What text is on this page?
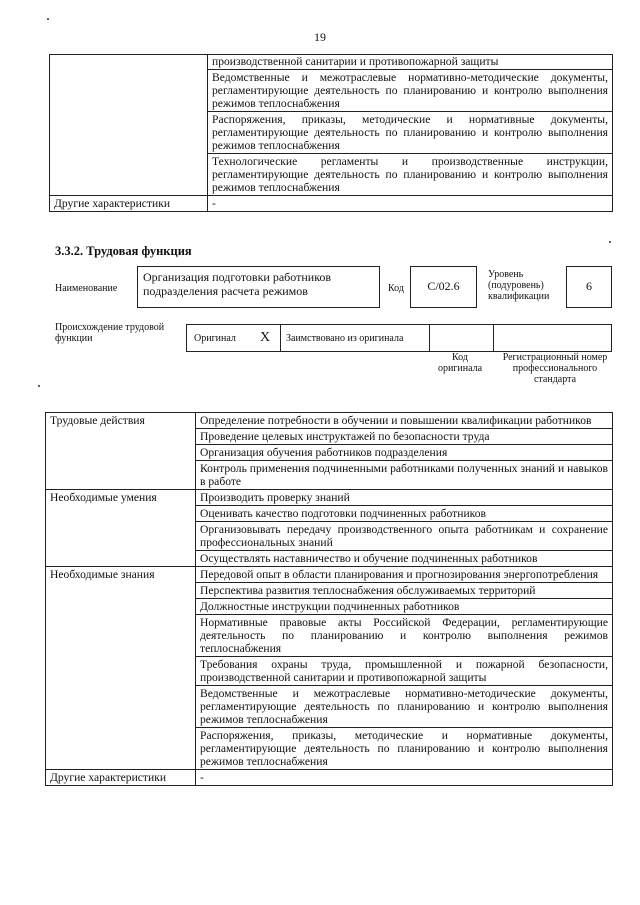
19
	производственной санитарии и противопожарной защиты
	Ведомственные и межотраслевые нормативно-методические документы, регламентирующие деятельность по планированию и контролю выполнения режимов теплоснабжения
	Распоряжения, приказы, методические и нормативные документы, регламентирующие деятельность по планированию и контролю выполнения режимов теплоснабжения
	Технологические регламенты и производственные инструкции, регламентирующие деятельность по планированию и контролю выполнения режимов теплоснабжения
Другие характеристики	-
3.3.2. Трудовая функция
Наименование
Организация подготовки работников подразделения расчета режимов	Код	С/02.6
Уровень (подуровень) квалификации
6
Происхождение трудовой функции	Оригинал X Заимствовано из оригинала
Код оригинала
Регистрационный номер профессионального стандарта
Трудовые действия	Определение потребности в обучении и повышении квалификации работников
	Проведение целевых инструктажей по безопасности труда
	Организация обучения работников подразделения
	Контроль применения подчиненными работниками полученных знаний и навыков в работе
Необходимые умения	Производить проверку знаний
	Оценивать качество подготовки подчиненных работников
	Организовывать передачу производственного опыта работникам и сохранение профессиональных знаний
	Осуществлять наставничество и обучение подчиненных работников
Необходимые знания	Передовой опыт в области планирования и прогнозирования энергопотребления
	Перспектива развития теплоснабжения обслуживаемых территорий
	Должностные инструкции подчиненных работников
	Нормативные правовые акты Российской Федерации, регламентирующие деятельность по планированию и контролю выполнения режимов теплоснабжения
	Требования охраны труда, промышленной и пожарной безопасности, производственной санитарии и противопожарной защиты
	Ведомственные и межотраслевые нормативно-методические документы, регламентирующие деятельность по планированию и контролю выполнения режимов теплоснабжения
	Распоряжения, приказы, методические и нормативные документы, регламентирующие деятельность по планированию и контролю выполнения режимов теплоснабжения
Другие характеристики	-
